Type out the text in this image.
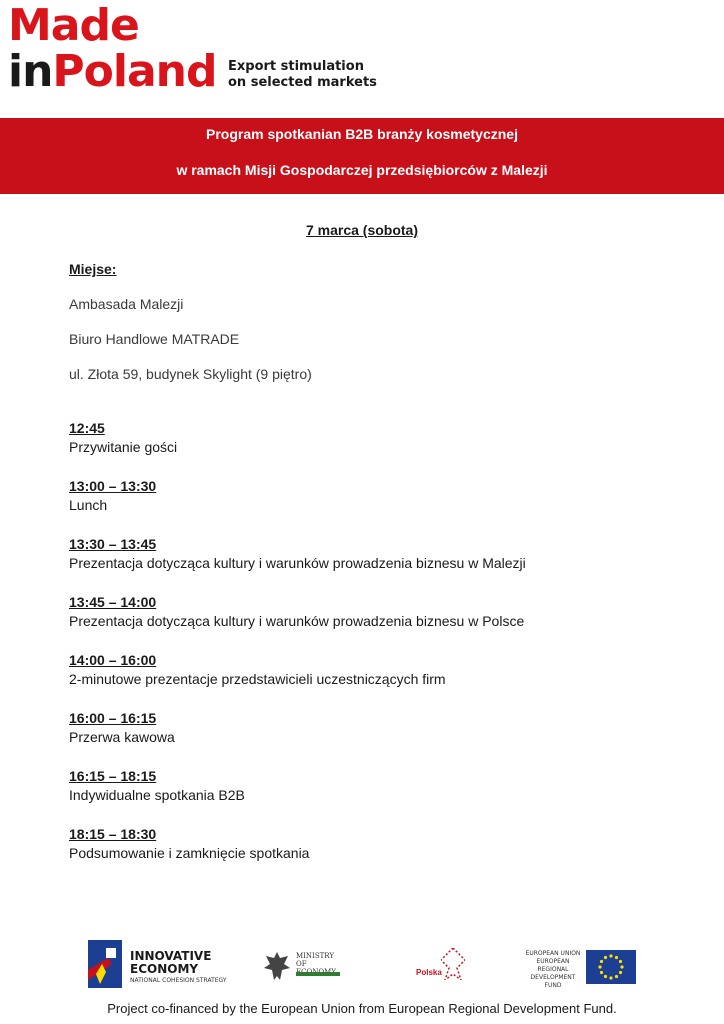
Made
inPoland Export stimulation
on selected markets
Program spotkanian B2B branży kosmetycznej
w ramach Misji Gospodarczej przedsiębiorców z Malezji
7 marca (sobota)
Miejse:
Ambasada Malezji
Biuro Handlowe MATRADE
ul. Złota 59, budynek Skylight (9 piętro)
12:45
Przywitanie gości
13:00 – 13:30
Lunch
13:30 – 13:45
Prezentacja dotycząca kultury i warunków prowadzenia biznesu w Malezji
13:45 – 14:00
Prezentacja dotycząca kultury i warunków prowadzenia biznesu w Polsce
14:00 – 16:00
2-minutowe prezentacje przedstawicieli uczestniczących firm
16:00 – 16:15
Przerwa kawowa
16:15 – 18:15
Indywidualne spotkania B2B
18:15 – 18:30
Podsumowanie i zamknięcie spotkania
INNOVATIVE
ECONOMY
NATIONAL COHESION STRATEGY
MINISTRY
OF
Polska
EUROPEAN UNION
EUROPEAN REGIONAL
DEVELOPMENT FUND
Project co-financed by the European Union from European Regional Development Fund.
